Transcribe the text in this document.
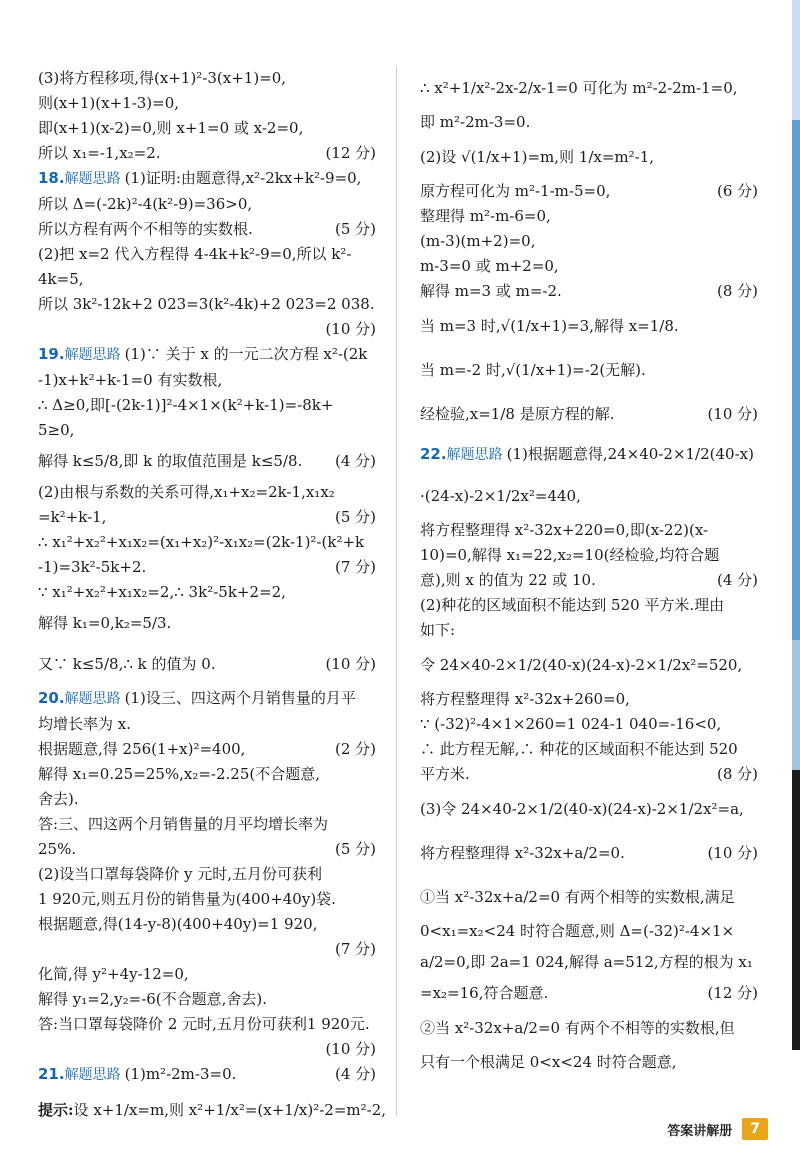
(3)将方程移项,得(x+1)²-3(x+1)=0,
则(x+1)(x+1-3)=0,
即(x+1)(x-2)=0,则 x+1=0 或 x-2=0,
所以 x₁=-1,x₂=2.	(12 分)
18.解题思路 (1)证明:由题意得,x²-2kx+k²-9=0,
所以 Δ=(-2k)²-4(k²-9)=36>0,
所以方程有两个不相等的实数根.	(5 分)
(2)把 x=2 代入方程得 4-4k+k²-9=0,所以 k²-
4k=5,
所以 3k²-12k+2 023=3(k²-4k)+2 023=2 038.
(10 分)
19.解题思路 (1)∵ 关于 x 的一元二次方程 x²-(2k
-1)x+k²+k-1=0 有实数根,
∴ Δ≥0,即[-(2k-1)]²-4×1×(k²+k-1)=-8k+
5≥0,
解得 k≤5/8,即 k 的取值范围是 k≤5/8.	(4 分)
(2)由根与系数的关系可得,x₁+x₂=2k-1,x₁x₂
=k²+k-1,	(5 分)
∴ x₁²+x₂²+x₁x₂=(x₁+x₂)²-x₁x₂=(2k-1)²-(k²+k
-1)=3k²-5k+2.	(7 分)
∵ x₁²+x₂²+x₁x₂=2,∴ 3k²-5k+2=2,
解得 k₁=0,k₂=5/3.
又∵ k≤5/8,∴ k 的值为 0.	(10 分)
20.解题思路 (1)设三、四这两个月销售量的月平
均增长率为 x.
根据题意,得 256(1+x)²=400,	(2 分)
解得 x₁=0.25=25%,x₂=-2.25(不合题意,
舍去).
答:三、四这两个月销售量的月平均增长率为
25%.	(5 分)
(2)设当口罩每袋降价 y 元时,五月份可获利
1 920元,则五月份的销售量为(400+40y)袋.
根据题意,得(14-y-8)(400+40y)=1 920,
(7 分)
化简,得 y²+4y-12=0,
解得 y₁=2,y₂=-6(不合题意,舍去).
答:当口罩每袋降价 2 元时,五月份可获利1 920元.
(10 分)
21.解题思路 (1)m²-2m-3=0.	(4 分)
提示:设 x+1/x=m,则 x²+1/x²=(x+1/x)²-2=m²-2,
∴ x²+1/x²-2x-2/x-1=0 可化为 m²-2-2m-1=0,
即 m²-2m-3=0.
(2)设 √(1/x+1)=m,则 1/x=m²-1,
原方程可化为 m²-1-m-5=0,	(6 分)
整理得 m²-m-6=0,
(m-3)(m+2)=0,
m-3=0 或 m+2=0,
解得 m=3 或 m=-2.	(8 分)
当 m=3 时,√(1/x+1)=3,解得 x=1/8.
当 m=-2 时,√(1/x+1)=-2(无解).
经检验,x=1/8 是原方程的解.	(10 分)
22.解题思路 (1)根据题意得,24×40-2×1/2(40-x)
·(24-x)-2×1/2x²=440,
将方程整理得 x²-32x+220=0,即(x-22)(x-
10)=0,解得 x₁=22,x₂=10(经检验,均符合题
意),则 x 的值为 22 或 10.	(4 分)
(2)种花的区域面积不能达到 520 平方米.理由
如下:
令 24×40-2×1/2(40-x)(24-x)-2×1/2x²=520,
将方程整理得 x²-32x+260=0,
∵ (-32)²-4×1×260=1 024-1 040=-16<0,
∴ 此方程无解,∴ 种花的区域面积不能达到 520
平方米.	(8 分)
(3)令 24×40-2×1/2(40-x)(24-x)-2×1/2x²=a,
将方程整理得 x²-32x+a/2=0.	(10 分)
①当 x²-32x+a/2=0 有两个相等的实数根,满足
0<x₁=x₂<24 时符合题意,则 Δ=(-32)²-4×1×
a/2=0,即 2a=1 024,解得 a=512,方程的根为 x₁
=x₂=16,符合题意.	(12 分)
②当 x²-32x+a/2=0 有两个不相等的实数根,但
只有一个根满足 0<x<24 时符合题意,
答案讲解册	7
